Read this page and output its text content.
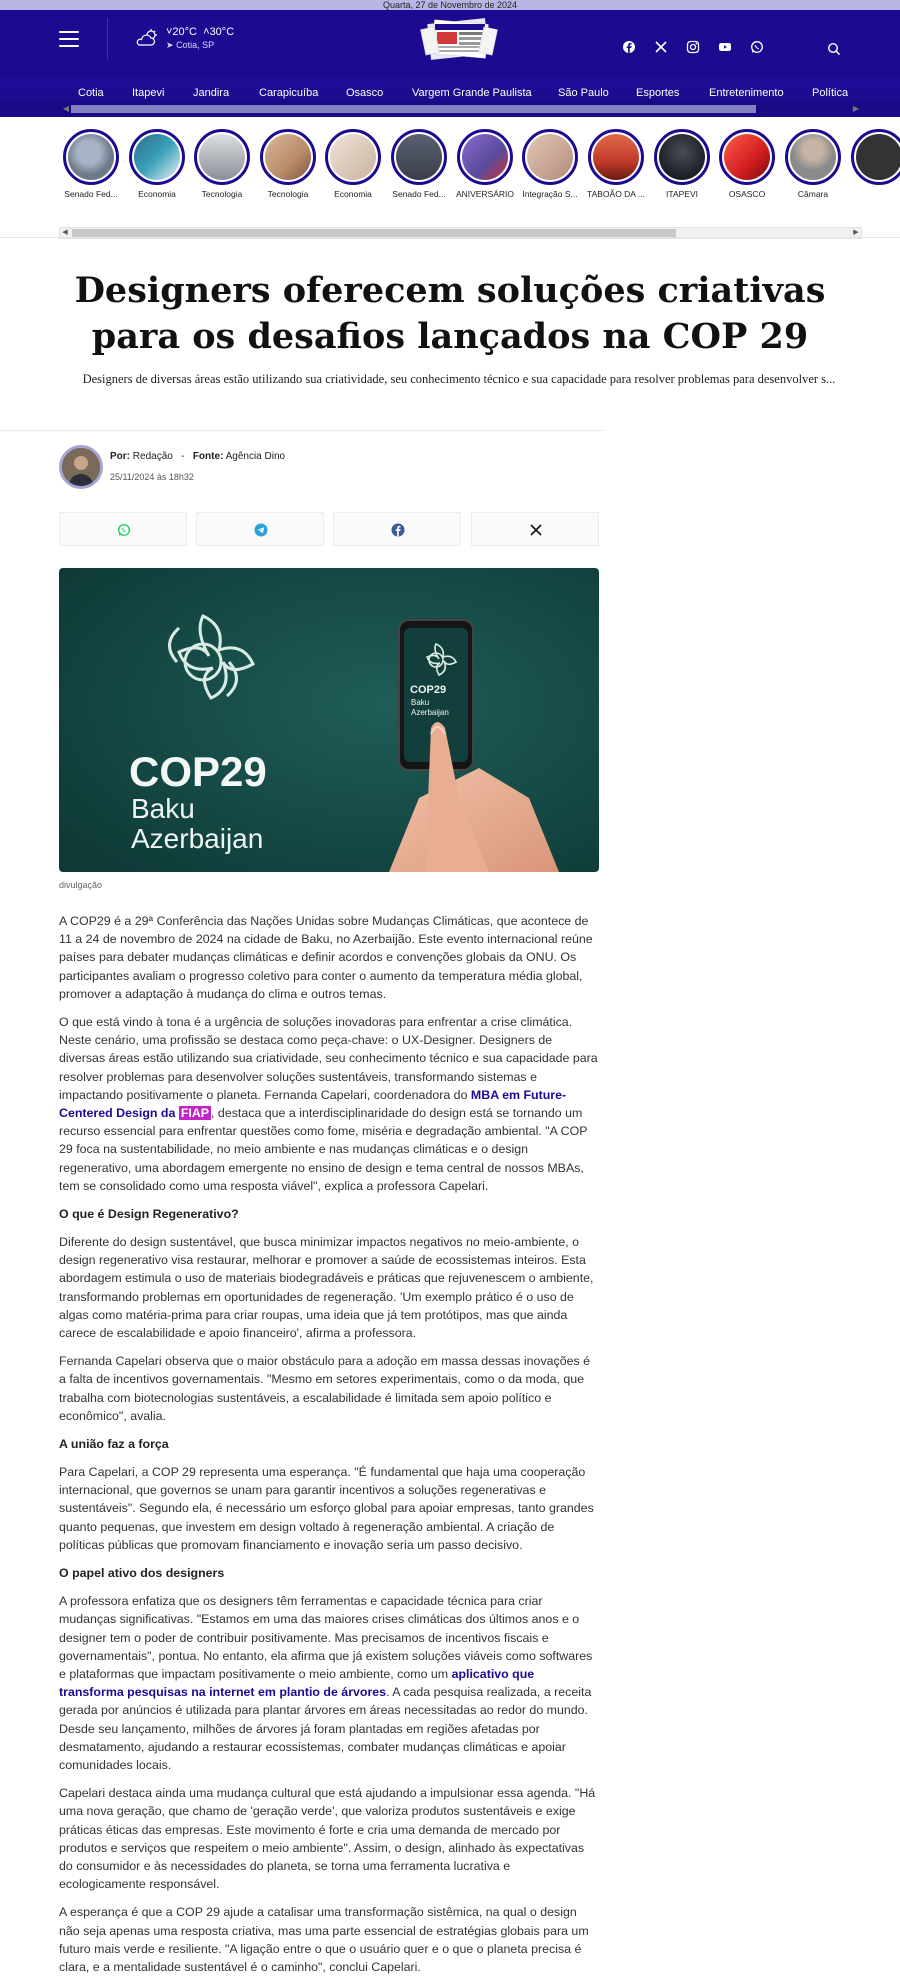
Quarta, 27 de Novembro de 2024
˅20°C ˄30°C
➤ Cotia, SP
Cotia	Itapevi	Jandira	Carapicuíba	Osasco	Vargem Grande Paulista São Paulo Esportes	Entretenimento	Política
◀	▶
Senado Fed...	Economia	Tecnologia	Tecnologia	Economia	Senado Fed...	ANIVERSÁRIO Integração S...	TABOÃO DA ...	ITAPEVI	OSASCO	Câmara
◀	▶
Designers oferecem soluções criativas para os desafios lançados na COP 29

Designers de diversas áreas estão utilizando sua criatividade, seu conhecimento técnico e sua capacidade para resolver problemas para desenvolver s...

Por: Redação   -   Fonte: Agência Dino
25/11/2024 às 18h32
COP29
Baku
Azerbaijan
COP29
Baku
Azerbaijan
divulgação

A COP29 é a 29ª Conferência das Nações Unidas sobre Mudanças Climáticas, que acontece de 11 a 24 de novembro de 2024 na cidade de Baku, no Azerbaijão. Este evento internacional reúne países para debater mudanças climáticas e definir acordos e convenções globais da ONU. Os participantes avaliam o progresso coletivo para conter o aumento da temperatura média global, promover a adaptação à mudança do clima e outros temas.

O que está vindo à tona é a urgência de soluções inovadoras para enfrentar a crise climática. Neste cenário, uma profissão se destaca como peça-chave: o UX-Designer. Designers de diversas áreas estão utilizando sua criatividade, seu conhecimento técnico e sua capacidade para resolver problemas para desenvolver soluções sustentáveis, transformando sistemas e impactando positivamente o planeta. Fernanda Capelari, coordenadora do MBA em Future-Centered Design da FIAP , destaca que a interdisciplinaridade do design está se tornando um recurso essencial para enfrentar questões como fome, miséria e degradação ambiental. "A COP 29 foca na sustentabilidade, no meio ambiente e nas mudanças climáticas e o design regenerativo, uma abordagem emergente no ensino de design e tema central de nossos MBAs, tem se consolidado como uma resposta viável", explica a professora Capelari.

O que é Design Regenerativo?

Diferente do design sustentável, que busca minimizar impactos negativos no meio-ambiente, o design regenerativo visa restaurar, melhorar e promover a saúde de ecossistemas inteiros. Esta abordagem estimula o uso de materiais biodegradáveis e práticas que rejuvenescem o ambiente, transformando problemas em oportunidades de regeneração. 'Um exemplo prático é o uso de algas como matéria-prima para criar roupas, uma ideia que já tem protótipos, mas que ainda carece de escalabilidade e apoio financeiro', afirma a professora.

Fernanda Capelari observa que o maior obstáculo para a adoção em massa dessas inovações é a falta de incentivos governamentais. "Mesmo em setores experimentais, como o da moda, que trabalha com biotecnologias sustentáveis, a escalabilidade é limitada sem apoio político e econômico", avalia.

A união faz a força

Para Capelari, a COP 29 representa uma esperança. "É fundamental que haja uma cooperação internacional, que governos se unam para garantir incentivos a soluções regenerativas e sustentáveis". Segundo ela, é necessário um esforço global para apoiar empresas, tanto grandes quanto pequenas, que investem em design voltado à regeneração ambiental. A criação de políticas públicas que promovam financiamento e inovação seria um passo decisivo.

O papel ativo dos designers

A professora enfatiza que os designers têm ferramentas e capacidade técnica para criar mudanças significativas. "Estamos em uma das maiores crises climáticas dos últimos anos e o designer tem o poder de contribuir positivamente. Mas precisamos de incentivos fiscais e governamentais", pontua. No entanto, ela afirma que já existem soluções viáveis como softwares e plataformas que impactam positivamente o meio ambiente, como um aplicativo que transforma pesquisas na internet em plantio de árvores. A cada pesquisa realizada, a receita gerada por anúncios é utilizada para plantar árvores em áreas necessitadas ao redor do mundo. Desde seu lançamento, milhões de árvores já foram plantadas em regiões afetadas por desmatamento, ajudando a restaurar ecossistemas, combater mudanças climáticas e apoiar comunidades locais.

Capelari destaca ainda uma mudança cultural que está ajudando a impulsionar essa agenda. "Há uma nova geração, que chamo de 'geração verde', que valoriza produtos sustentáveis e exige práticas éticas das empresas. Este movimento é forte e cria uma demanda de mercado por produtos e serviços que respeitem o meio ambiente". Assim, o design, alinhado às expectativas do consumidor e às necessidades do planeta, se torna uma ferramenta lucrativa e ecologicamente responsável.

A esperança é que a COP 29 ajude a catalisar uma transformação sistêmica, na qual o design não seja apenas uma resposta criativa, mas uma parte essencial de estratégias globais para um futuro mais verde e resiliente. "A ligação entre o que o usuário quer e o que o planeta precisa é clara, e a mentalidade sustentável é o caminho", conclui Capelari.
